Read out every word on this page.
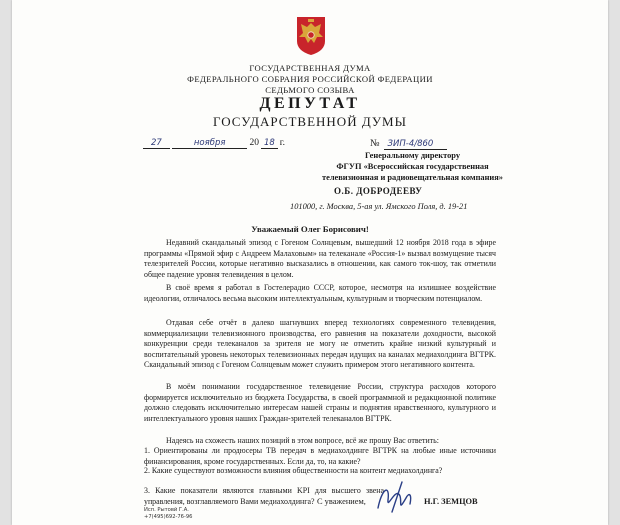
ГОСУДАРСТВЕННАЯ ДУМА
ФЕДЕРАЛЬНОГО СОБРАНИЯ РОССИЙСКОЙ ФЕДЕРАЦИИ
СЕДЬМОГО СОЗЫВА
ДЕПУТАТ
ГОСУДАРСТВЕННОЙ ДУМЫ
27	ноября	20 18 г.	№ ЗИП-4/860
Генеральному директору
ФГУП «Всероссийская государственная
телевизионная и радиовещательная компания»
О.Б. ДОБРОДЕЕВУ
101000, г. Москва, 5-ая ул. Ямского Поля, д. 19-21
Уважаемый Олег Борисович!
Недавний скандальный эпизод с Гогеном Солнцевым, вышедший 12 ноября 2018 года в эфире программы «Прямой эфир с Андреем Малаховым» на телеканале «Россия-1» вызвал возмущение тысяч телезрителей России, которые негативно высказались в отношении, как самого ток-шоу, так отметили общее падение уровня телевидения в целом.
В своё время я работал в Гостелерадио СССР, которое, несмотря на излишнее воздействие идеологии, отличалось весьма высоким интеллектуальным, культурным и творческим потенциалом.
Отдавая себе отчёт в далеко шагнувших вперед технологиях современного телевидения, коммерциализации телевизионного производства, его равнения на показатели доходности, высокой конкуренции среди телеканалов за зрителя не могу не отметить крайне низкий культурный и воспитательный уровень некоторых телевизионных передач идущих на каналах медиахолдинга ВГТРК. Скандальный эпизод с Гогеном Солнцевым может служить примером этого негативного контента.
В моём понимании государственное телевидение России, структура расходов которого формируется исключительно из бюджета Государства, в своей программной и редакционной политике должно следовать исключительно интересам нашей страны и поднятия нравственного, культурного и интеллектуального уровня наших Граждан-зрителей телеканалов ВГТРК.
Надеясь на схожесть наших позиций в этом вопросе, всё же прошу Вас ответить:
1. Ориентированы ли продюсеры ТВ передач в медиахолдинге ВГТРК на любые иные источники финансирования, кроме государственных. Если да, то, на какие?
2. Какие существуют возможности влияния общественности на контент медиахолдинга?
3. Какие показатели являются главными KPI для высшего звена управления, возглавляемого Вами медиахолдинга? С уважением,	Н.Г. ЗЕМЦОВ
Исп. Рытовй Г.А.
+7(495)692-76-96
